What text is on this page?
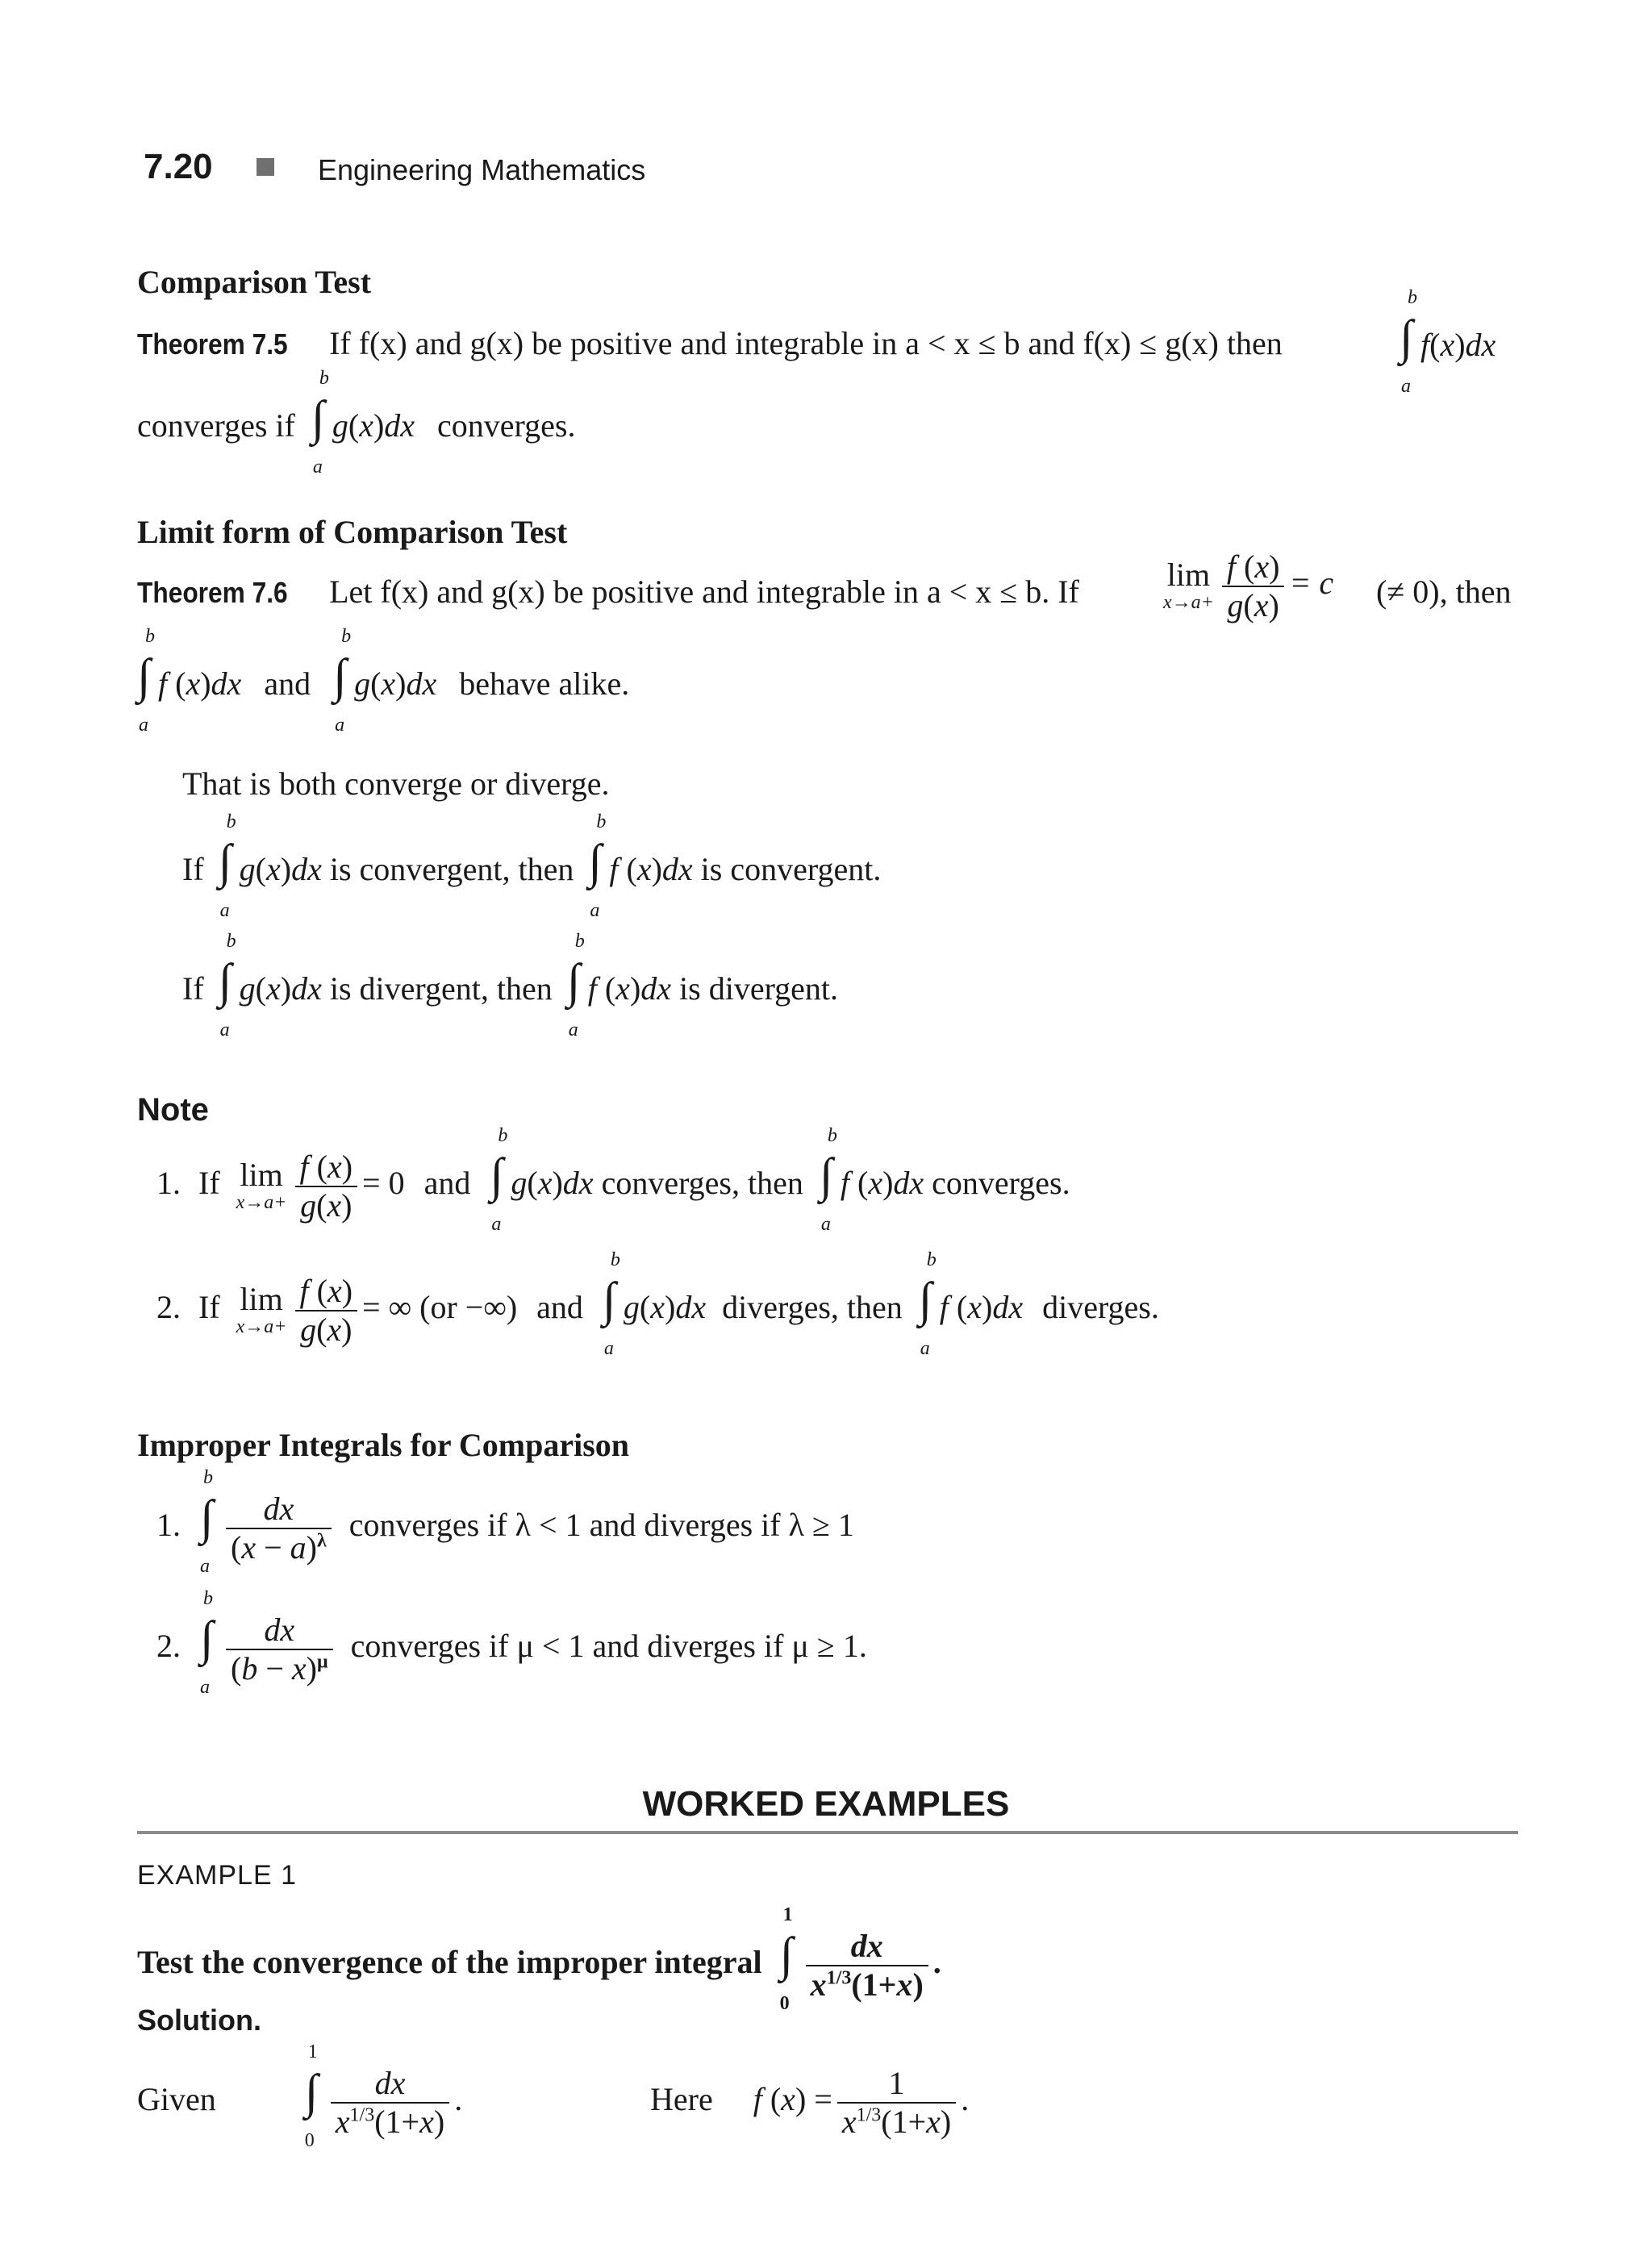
7.20	Engineering Mathematics
Comparison Test
Theorem 7.5 If f(x) and g(x) be positive and integrable in a < x ≤ b and f(x) ≤ g(x) then ∫
b
a
f(x)dx
converges if ∫
b
a
g(x)dx converges.
Limit form of Comparison Test
Theorem 7.6 Let f(x) and g(x) be positive and integrable in a < x ≤ b. If	lim
$x\to a+ \frac{f (x)}{g(x)} = c$ (≠ 0), then
∫
b
a
f (x)dx and ∫
b
a
g(x)dx behave alike.
That is both converge or diverge.
If ∫
b
a
g(x)dx is convergent, then ∫
b
a
f (x)dx is convergent.
If ∫
b
a
g(x)dx is divergent, then ∫
b
a
f (x)dx is divergent.
Note
1. If lim
$x\to a+ \frac{f (x)}{g(x)} = 0$ and ∫
b
a
g(x)dx converges, then ∫
b
a
f (x)dx converges.
2. If lim
$x\to a+ \frac{f (x)}{g(x)}$ = ∞ (or −∞) and ∫
b
a
g(x)dx diverges, then ∫
b
a
f (x)dx diverges.
Improper Integrals for Comparison
1. ∫
b
a $\frac{dx}{(x - a)^\lambda}$ converges if λ < 1 and diverges if λ ≥ 1
2. ∫
b
a $\frac{dx}{(b - x)^\mu}$ converges if μ < 1 and diverges if μ ≥ 1.
WORKED EXAMPLES
EXAMPLE 1
Test the convergence of the improper integral ∫
1
$0 \frac{dx}{x^{1/3}(1+x)}$ .
Solution.
Given ∫
1
$0 \frac{dx}{x^{1/3}(1+x)}$ .	Here f $(x) = \frac{1}{x^{1/3}(1+x)}$ .
